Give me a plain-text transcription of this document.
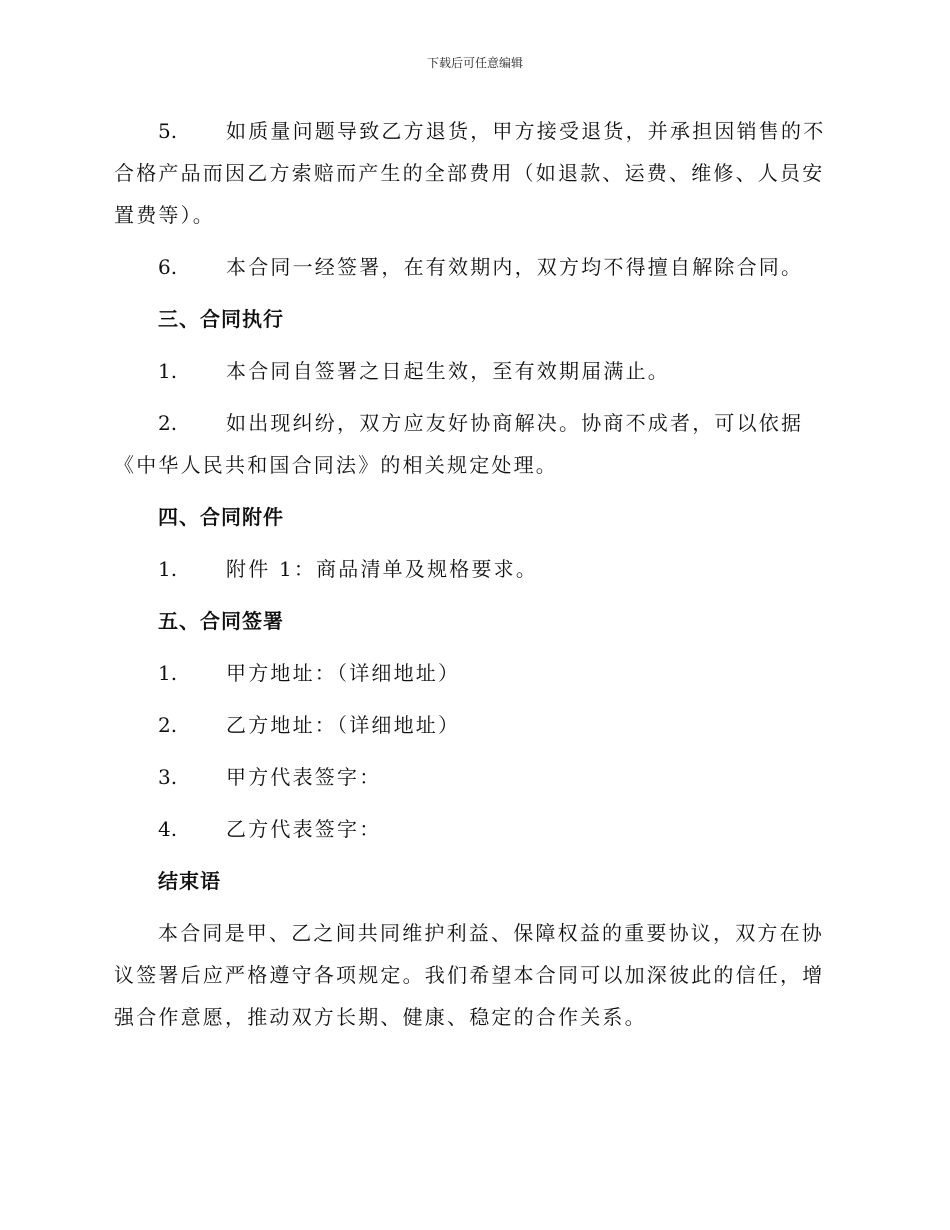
下载后可任意编辑
5. 如质量问题导致乙方退货，甲方接受退货，并承担因销售的不合格产品而因乙方索赔而产生的全部费用（如退款、运费、维修、人员安置费等）。
6. 本合同一经签署，在有效期内，双方均不得擅自解除合同。
三、合同执行
1. 本合同自签署之日起生效，至有效期届满止。
2. 如出现纠纷，双方应友好协商解决。协商不成者，可以依据《中华人民共和国合同法》的相关规定处理。
四、合同附件
1. 附件 1：商品清单及规格要求。
五、合同签署
1. 甲方地址：（详细地址）
2. 乙方地址：（详细地址）
3. 甲方代表签字：
4. 乙方代表签字：
结束语
本合同是甲、乙之间共同维护利益、保障权益的重要协议，双方在协议签署后应严格遵守各项规定。我们希望本合同可以加深彼此的信任，增强合作意愿，推动双方长期、健康、稳定的合作关系。
